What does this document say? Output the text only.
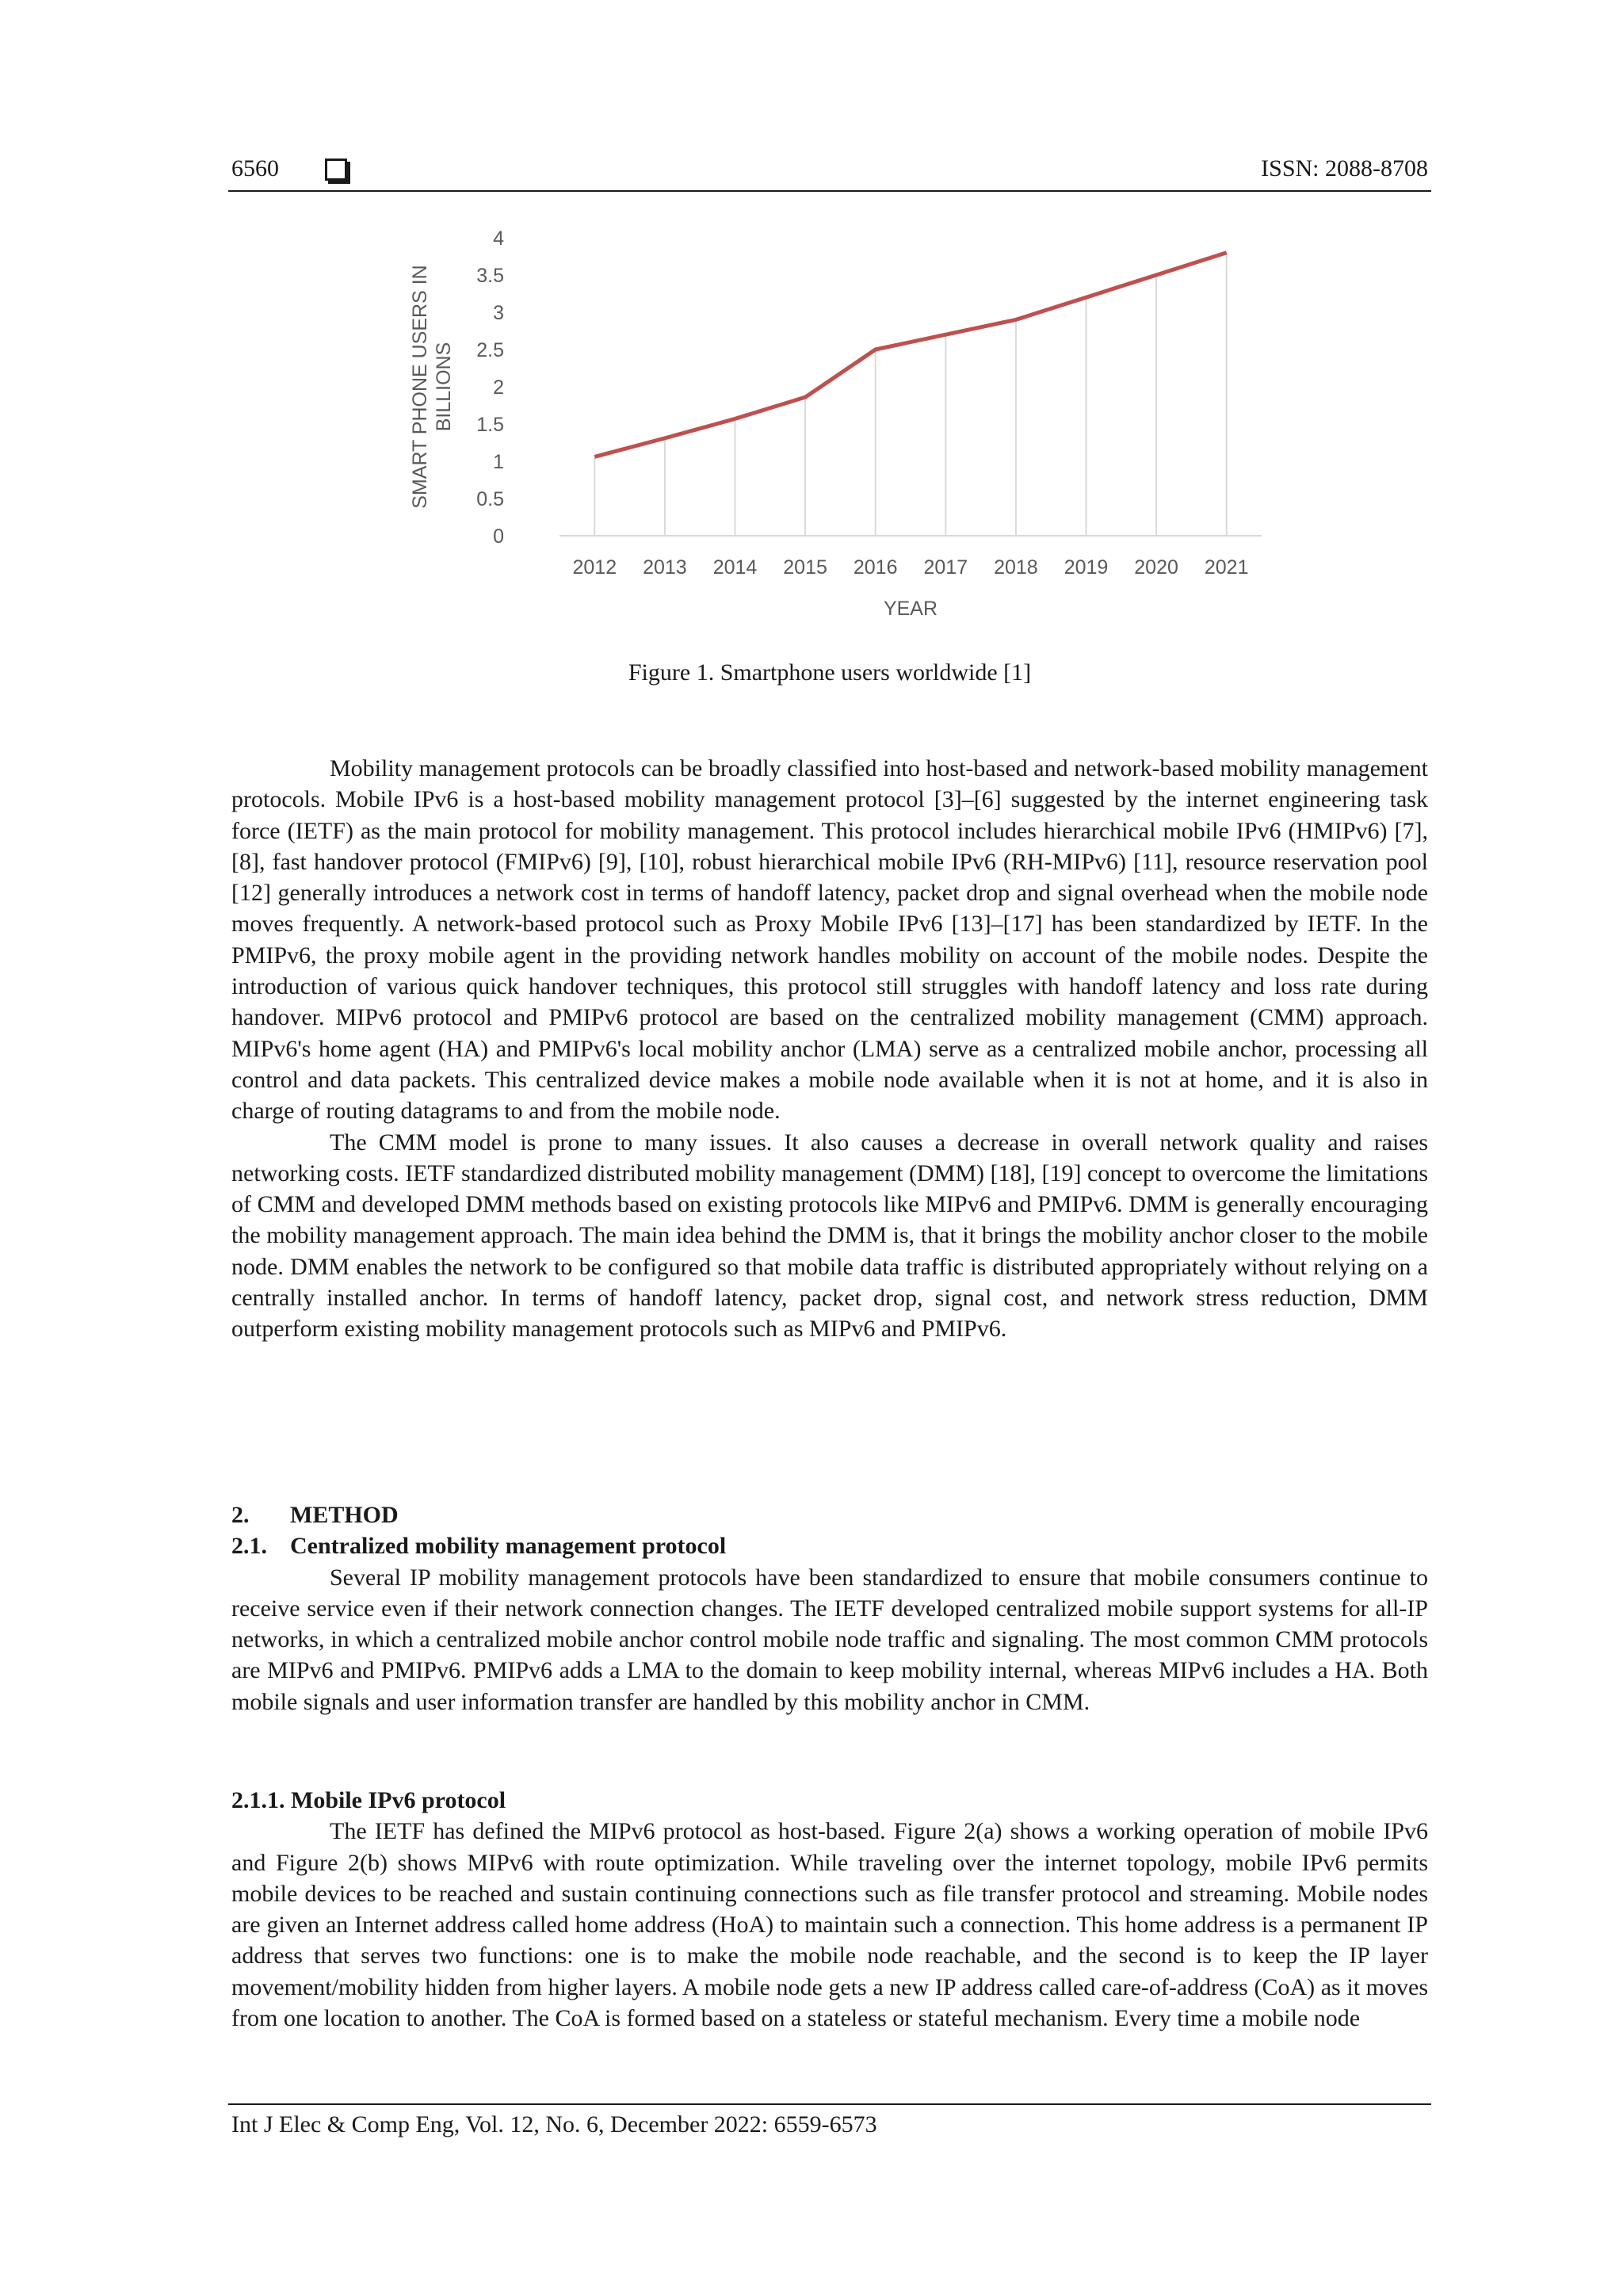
6560	ISSN: 2088-8708
SMART PHONE USERS IN BILLIONS
0
0.5
1
1.5
2
2.5
3
3.5
4
2012 2013 2014 2015 2016 2017 2018 2019 2020 2021
YEAR
Figure 1. Smartphone users worldwide [1]

Mobility management protocols can be broadly classified into host-based and network-based mobility management protocols. Mobile IPv6 is a host-based mobility management protocol [3]–[6] suggested by the internet engineering task force (IETF) as the main protocol for mobility management. This protocol includes hierarchical mobile IPv6 (HMIPv6) [7], [8], fast handover protocol (FMIPv6) [9], [10], robust hierarchical mobile IPv6 (RH-MIPv6) [11], resource reservation pool [12] generally introduces a network cost in terms of handoff latency, packet drop and signal overhead when the mobile node moves frequently. A network-based protocol such as Proxy Mobile IPv6 [13]–[17] has been standardized by IETF. In the PMIPv6, the proxy mobile agent in the providing network handles mobility on account of the mobile nodes. Despite the introduction of various quick handover techniques, this protocol still struggles with handoff latency and loss rate during handover. MIPv6 protocol and PMIPv6 protocol are based on the centralized mobility management (CMM) approach. MIPv6's home agent (HA) and PMIPv6's local mobility anchor (LMA) serve as a centralized mobile anchor, processing all control and data packets. This centralized device makes a mobile node available when it is not at home, and it is also in charge of routing datagrams to and from the mobile node.

The CMM model is prone to many issues. It also causes a decrease in overall network quality and raises networking costs. IETF standardized distributed mobility management (DMM) [18], [19] concept to overcome the limitations of CMM and developed DMM methods based on existing protocols like MIPv6 and PMIPv6. DMM is generally encouraging the mobility management approach. The main idea behind the DMM is, that it brings the mobility anchor closer to the mobile node. DMM enables the network to be configured so that mobile data traffic is distributed appropriately without relying on a centrally installed anchor. In terms of handoff latency, packet drop, signal cost, and network stress reduction, DMM outperform existing mobility management protocols such as MIPv6 and PMIPv6.

2. METHOD
2.1. Centralized mobility management protocol

Several IP mobility management protocols have been standardized to ensure that mobile consumers continue to receive service even if their network connection changes. The IETF developed centralized mobile support systems for all-IP networks, in which a centralized mobile anchor control mobile node traffic and signaling. The most common CMM protocols are MIPv6 and PMIPv6. PMIPv6 adds a LMA to the domain to keep mobility internal, whereas MIPv6 includes a HA. Both mobile signals and user information transfer are handled by this mobility anchor in CMM.

2.1.1. Mobile IPv6 protocol

The IETF has defined the MIPv6 protocol as host-based. Figure 2(a) shows a working operation of mobile IPv6 and Figure 2(b) shows MIPv6 with route optimization. While traveling over the internet topology, mobile IPv6 permits mobile devices to be reached and sustain continuing connections such as file transfer protocol and streaming. Mobile nodes are given an Internet address called home address (HoA) to maintain such a connection. This home address is a permanent IP address that serves two functions: one is to make the mobile node reachable, and the second is to keep the IP layer movement/mobility hidden from higher layers. A mobile node gets a new IP address called care-of-address (CoA) as it moves from one location to another. The CoA is formed based on a stateless or stateful mechanism. Every time a mobile node

Int J Elec & Comp Eng, Vol. 12, No. 6, December 2022: 6559-6573
